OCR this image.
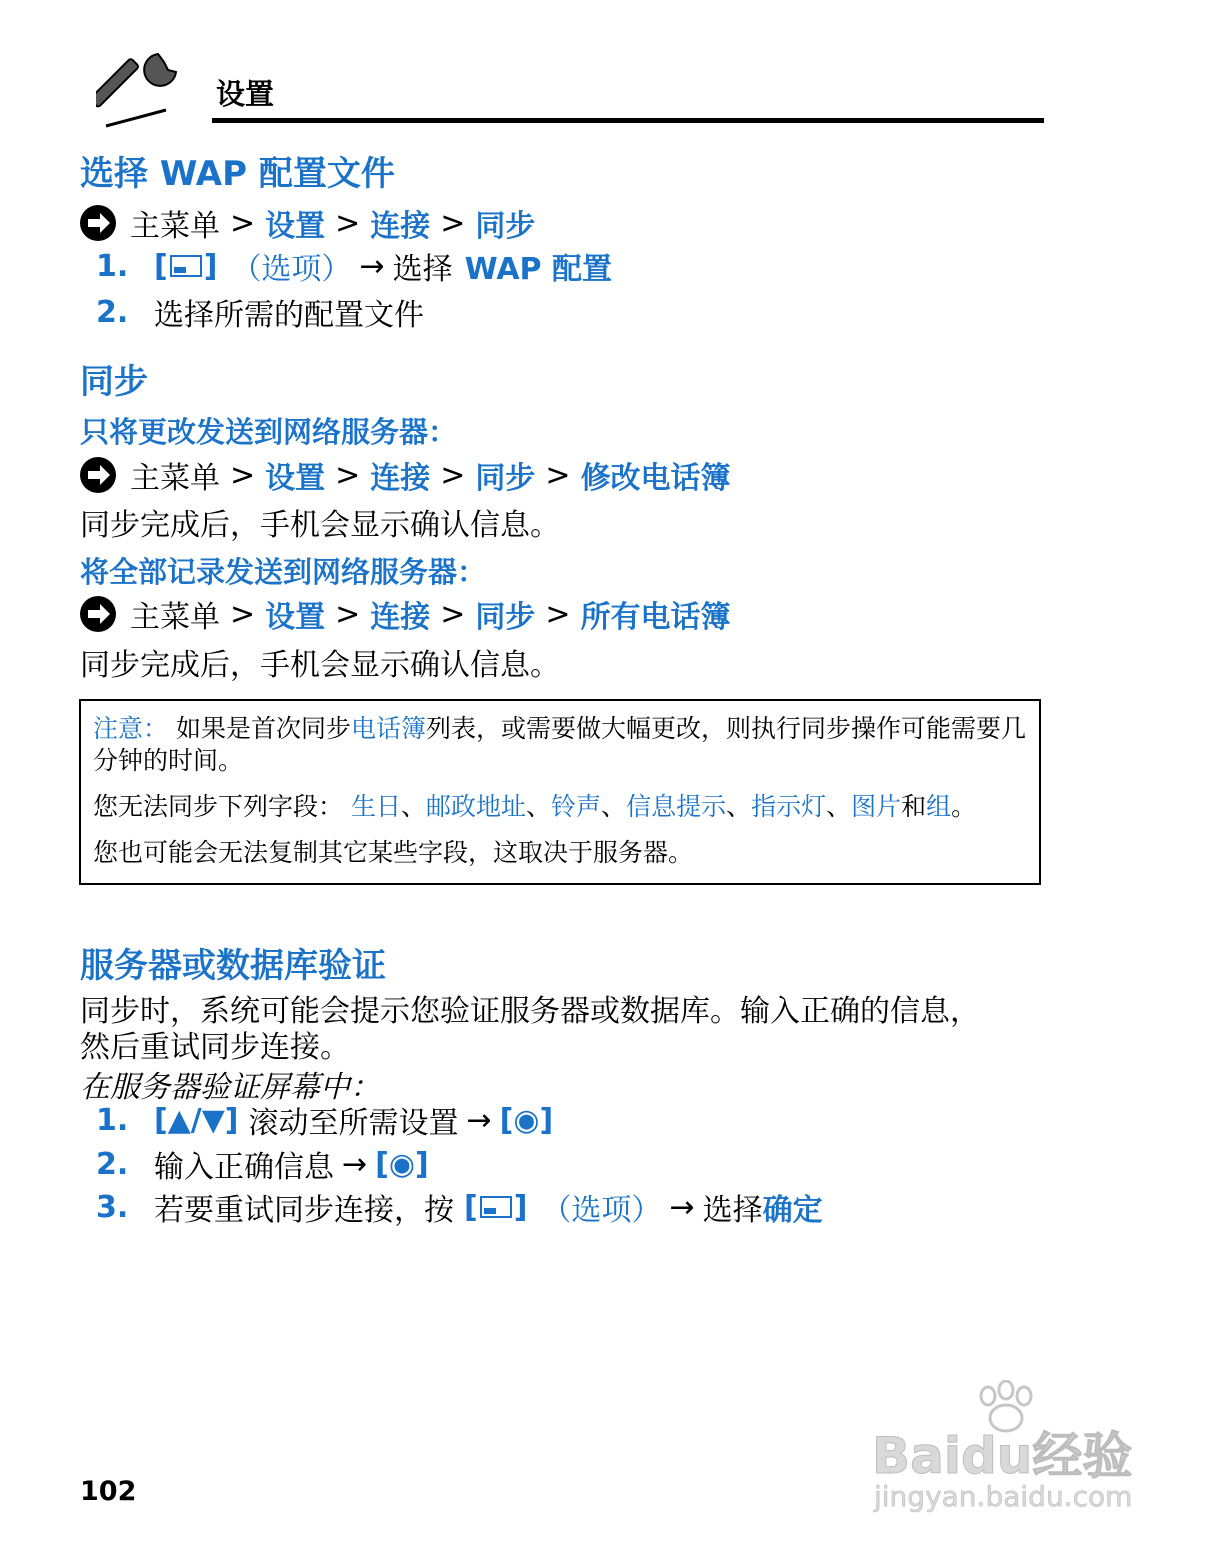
设置
选择 WAP 配置文件
主菜单 > 设置 > 连接 > 同步
1. [ ] （选项） → 选择 WAP 配置
2. 选择所需的配置文件
同步
只将更改发送到网络服务器：
主菜单 > 设置 > 连接 > 同步 > 修改电话簿
同步完成后，手机会显示确认信息。
将全部记录发送到网络服务器：
主菜单 > 设置 > 连接 > 同步 > 所有电话簿
同步完成后，手机会显示确认信息。

注意： 如果是首次同步电话簿列表，或需要做大幅更改，则执行同步操作可能需要几分钟的时间。

您无法同步下列字段： 生日、邮政地址、铃声、信息提示、指示灯、图片和组。

您也可能会无法复制其它某些字段，这取决于服务器。

服务器或数据库验证
同步时，系统可能会提示您验证服务器或数据库。输入正确的信息，
然后重试同步连接。
在服务器验证屏幕中：
1. [▲/▼] 滚动至所需设置 → [◉]
2. 输入正确信息 → [◉]
3. 若要重试同步连接，按 [ ] （选项） → 选择 确定
102
Baidu经验
jingyan.baidu.com
